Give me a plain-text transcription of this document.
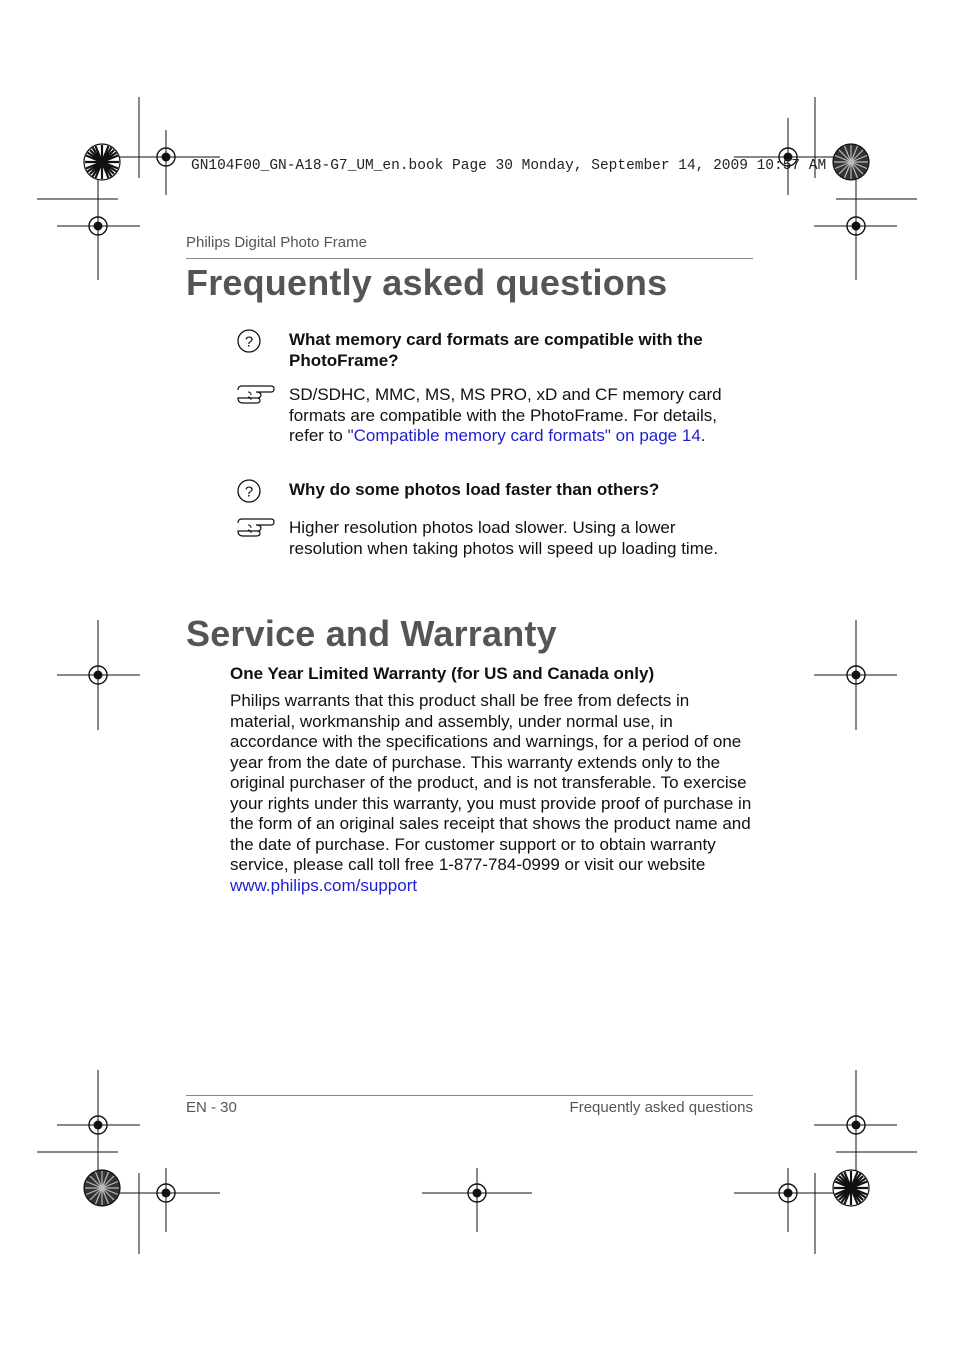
GN104F00_GN-A18-G7_UM_en.book Page 30 Monday, September 14, 2009 10:57 AM
Philips Digital Photo Frame
Frequently asked questions
? What memory card formats are compatible with the PhotoFrame?
SD/SDHC, MMC, MS, MS PRO, xD and CF memory card formats are compatible with the PhotoFrame. For details, refer to "Compatible memory card formats" on page 14.
? Why do some photos load faster than others?
Higher resolution photos load slower. Using a lower resolution when taking photos will speed up loading time.
Service and Warranty
One Year Limited Warranty (for US and Canada only)
Philips warrants that this product shall be free from defects in material, workmanship and assembly, under normal use, in accordance with the specifications and warnings, for a period of one year from the date of purchase. This warranty extends only to the original purchaser of the product, and is not transferable. To exercise your rights under this warranty, you must provide proof of purchase in the form of an original sales receipt that shows the product name and the date of purchase. For customer support or to obtain warranty service, please call toll free 1-877-784-0999 or visit our website www.philips.com/support
EN - 30	Frequently asked questions
